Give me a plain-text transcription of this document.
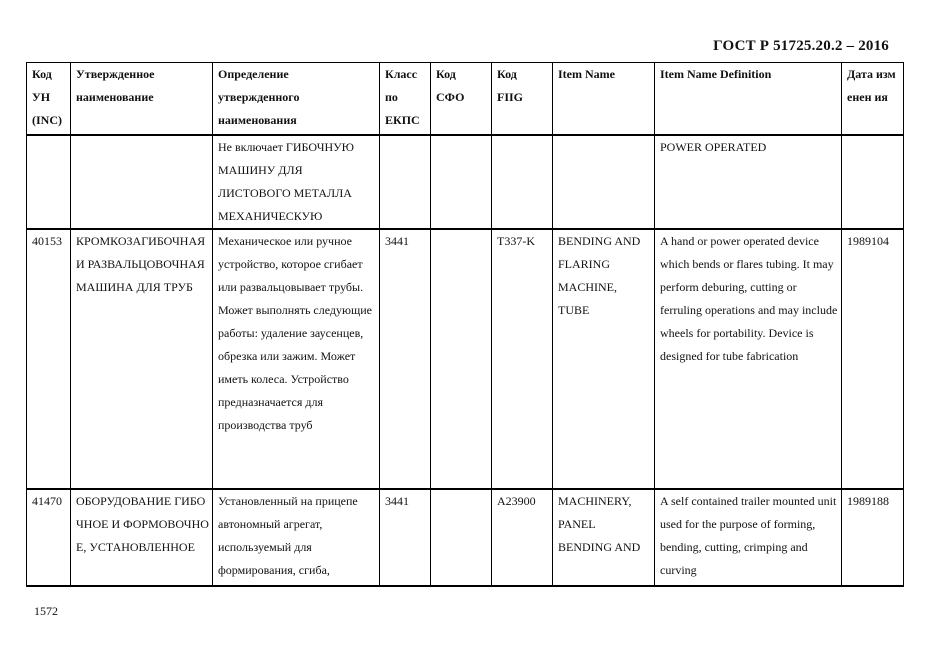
ГОСТ Р 51725.20.2 – 2016
Код УН (INC)	Утвержденное наименование	Определение утвержденного наименования	Класс по ЕКПС	Код СФО	Код FIIG	Item Name	Item Name Definition	Дата изменен ия

		Не включает ГИБОЧНУЮ МАШИНУ ДЛЯ ЛИСТОВОГО МЕТАЛЛА МЕХАНИЧЕСКУЮ					POWER OPERATED	
40153	КРОМКОЗАГИБОЧНАЯ И РАЗВАЛЬЦОВОЧНАЯ МАШИНА ДЛЯ ТРУБ	Механическое или ручное устройство, которое сгибает или развальцовывает трубы. Может выполнять следующие работы: удаление заусенцев, обрезка или зажим. Может иметь колеса. Устройство предназначается для производства труб	3441		T337-K	BENDING AND FLARING MACHINE, TUBE	A hand or power operated device which bends or flares tubing. It may perform deburing, cutting or ferruling operations and may include wheels for portability. Device is designed for tube fabrication	1989104
41470	ОБОРУДОВАНИЕ ГИБОЧНОЕ И ФОРМОВОЧНОЕ, УСТАНОВЛЕННОЕ	Установленный на прицепе автономный агрегат, используемый для формирования, сгиба,	3441		A23900	MACHINERY, PANEL BENDING AND	A self contained trailer mounted unit used for the purpose of forming, bending, cutting, crimping and curving	1989188
1572
